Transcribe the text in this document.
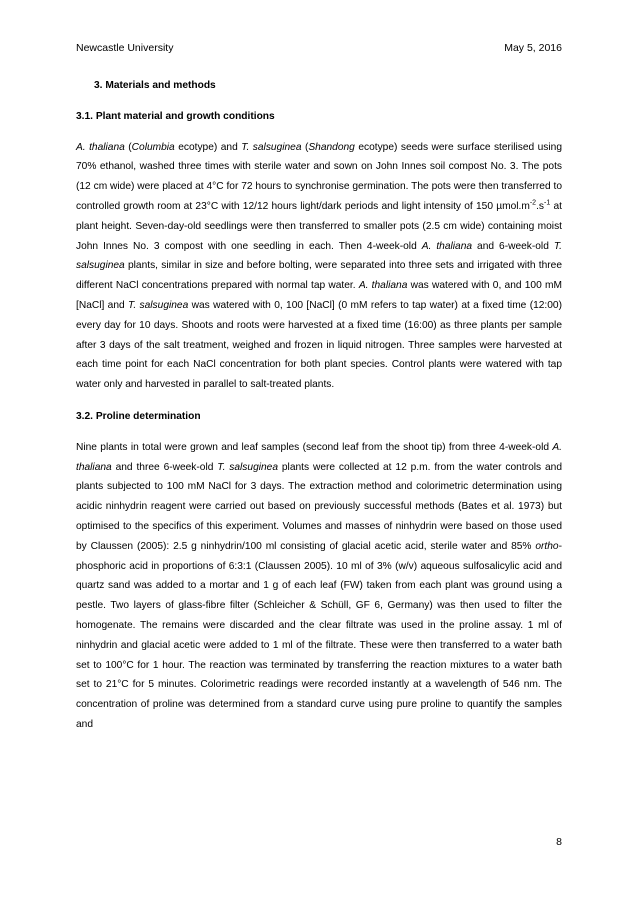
Newcastle University	May 5, 2016

3. Materials and methods

3.1. Plant material and growth conditions

A. thaliana (Columbia ecotype) and T. salsuginea (Shandong ecotype) seeds were surface sterilised using 70% ethanol, washed three times with sterile water and sown on John Innes soil compost No. 3. The pots (12 cm wide) were placed at 4°C for 72 hours to synchronise germination. The pots were then transferred to controlled growth room at 23°C with 12/12 hours light/dark periods and light intensity of 150 $\mu mol.m^{-2}.s^{-1}$ at plant height. Seven-day-old seedlings were then transferred to smaller pots (2.5 cm wide) containing moist John Innes No. 3 compost with one seedling in each. Then 4-week-old A. thaliana and 6-week-old T. salsuginea plants, similar in size and before bolting, were separated into three sets and irrigated with three different NaCl concentrations prepared with normal tap water. A. thaliana was watered with 0, and 100 mM [NaCl] and T. salsuginea was watered with 0, 100 [NaCl] (0 mM refers to tap water) at a fixed time (12:00) every day for 10 days. Shoots and roots were harvested at a fixed time (16:00) as three plants per sample after 3 days of the salt treatment, weighed and frozen in liquid nitrogen. Three samples were harvested at each time point for each NaCl concentration for both plant species. Control plants were watered with tap water only and harvested in parallel to salt-treated plants.

3.2. Proline determination

Nine plants in total were grown and leaf samples (second leaf from the shoot tip) from three 4-week-old A. thaliana and three 6-week-old T. salsuginea plants were collected at 12 p.m. from the water controls and plants subjected to 100 mM NaCl for 3 days. The extraction method and colorimetric determination using acidic ninhydrin reagent were carried out based on previously successful methods (Bates et al. 1973) but optimised to the specifics of this experiment. Volumes and masses of ninhydrin were based on those used by Claussen (2005): 2.5 g ninhydrin/100 ml consisting of glacial acetic acid, sterile water and 85% ortho-phosphoric acid in proportions of 6:3:1 (Claussen 2005). 10 ml of 3% (w/v) aqueous sulfosalicylic acid and quartz sand was added to a mortar and 1 g of each leaf (FW) taken from each plant was ground using a pestle. Two layers of glass-fibre filter (Schleicher & Schüll, GF 6, Germany) was then used to filter the homogenate. The remains were discarded and the clear filtrate was used in the proline assay. 1 ml of ninhydrin and glacial acetic were added to 1 ml of the filtrate. These were then transferred to a water bath set to 100°C for 1 hour. The reaction was terminated by transferring the reaction mixtures to a water bath set to 21°C for 5 minutes. Colorimetric readings were recorded instantly at a wavelength of 546 nm. The concentration of proline was determined from a standard curve using pure proline to quantify the samples and

8
